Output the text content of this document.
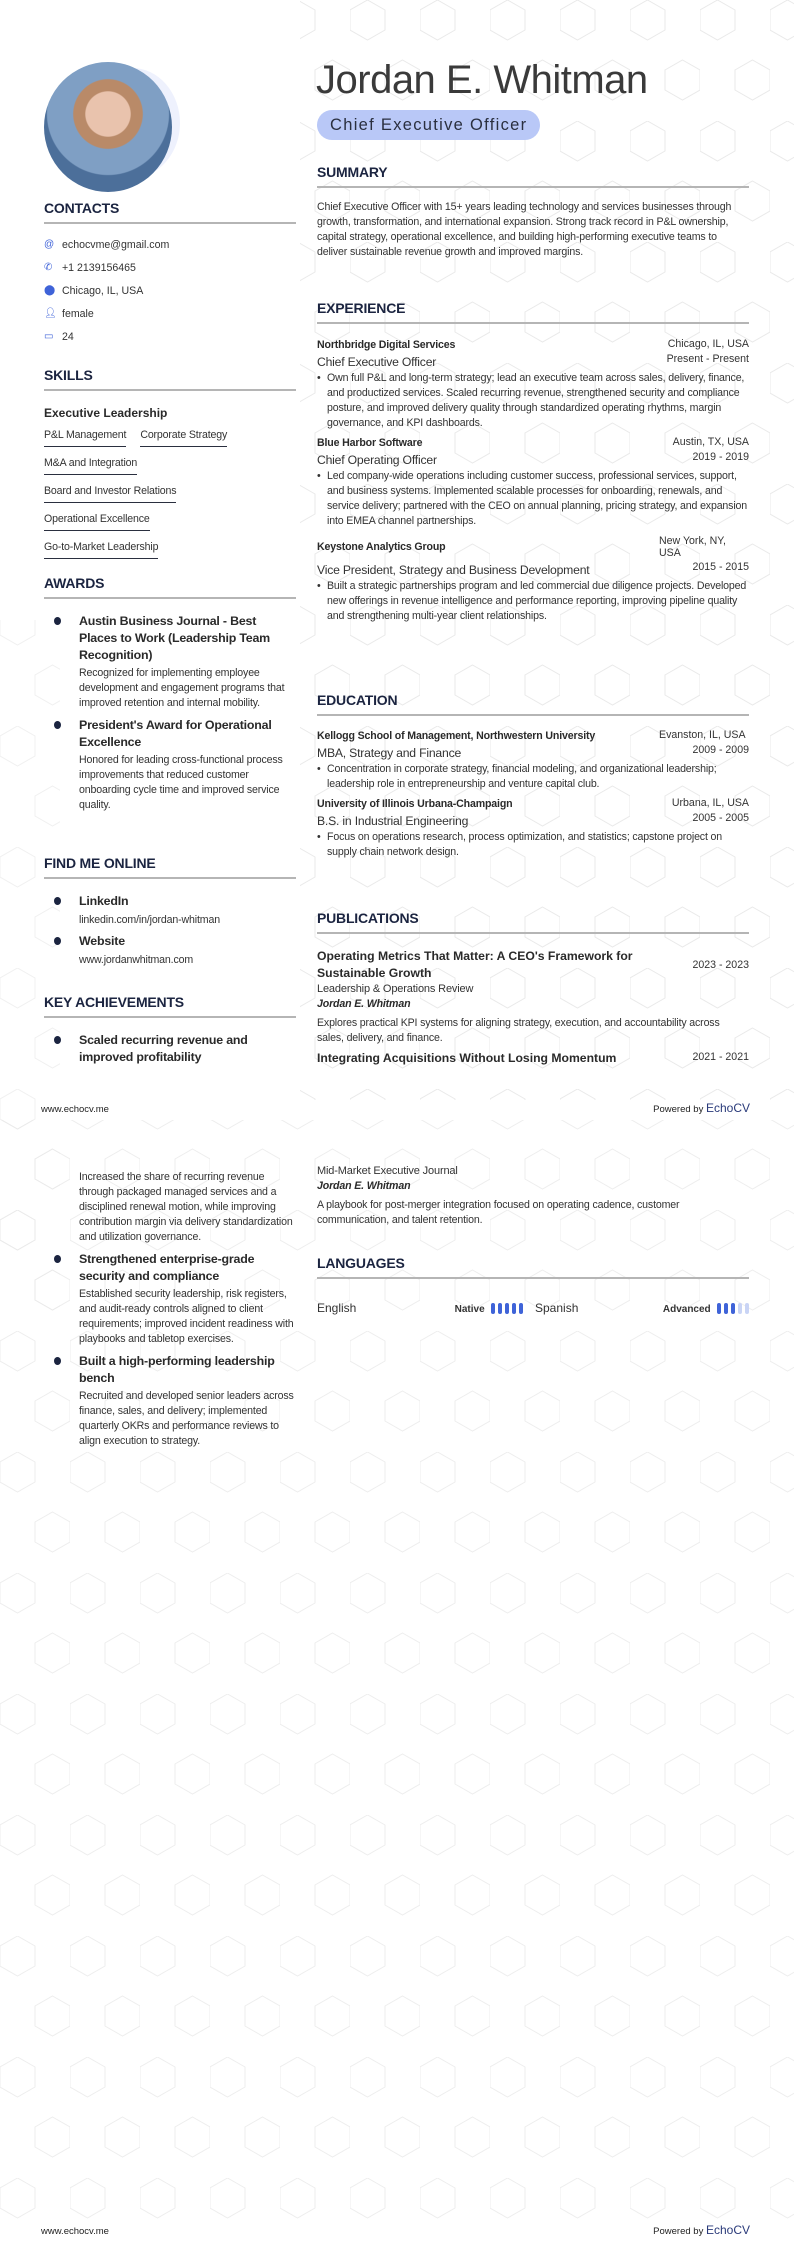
CONTACTS
@ echocvme@gmail.com
✆ +1 2139156465
⬤ Chicago, IL, USA
👤︎ female
▭ 24
SKILLS
Executive Leadership
P&L Management Corporate Strategy
M&A and Integration
Board and Investor Relations
Operational Excellence
Go-to-Market Leadership
AWARDS
Austin Business Journal - Best Places to Work (Leadership Team Recognition)
Recognized for implementing employee development and engagement programs that improved retention and internal mobility.
President's Award for Operational Excellence
Honored for leading cross-functional process improvements that reduced customer onboarding cycle time and improved service quality.
FIND ME ONLINE
LinkedIn
linkedin.com/in/jordan-whitman
Website
www.jordanwhitman.com
KEY ACHIEVEMENTS
Scaled recurring revenue and improved profitability
Jordan E. Whitman
Chief Executive Officer
SUMMARY
Chief Executive Officer with 15+ years leading technology and services businesses through growth, transformation, and international expansion. Strong track record in P&L ownership, capital strategy, operational excellence, and building high-performing executive teams to deliver sustainable revenue growth and improved margins.
EXPERIENCE
Northbridge Digital Services	Chicago, IL, USA
Chief Executive Officer	Present - Present
• Own full P&L and long-term strategy; lead an executive team across sales, delivery, finance, and productized services. Scaled recurring revenue, strengthened security and compliance posture, and improved delivery quality through standardized operating rhythms, margin governance, and KPI dashboards.
Blue Harbor Software	Austin, TX, USA
Chief Operating Officer	2019 - 2019
• Led company-wide operations including customer success, professional services, support, and business systems. Implemented scalable processes for onboarding, renewals, and service delivery; partnered with the CEO on annual planning, pricing strategy, and expansion into EMEA channel partnerships.
Keystone Analytics Group	New York, NY, USA
Vice President, Strategy and Business Development	2015 - 2015
• Built a strategic partnerships program and led commercial due diligence projects. Developed new offerings in revenue intelligence and performance reporting, improving pipeline quality and strengthening multi-year client relationships.
EDUCATION
Kellogg School of Management, Northwestern University	Evanston, IL, USA
MBA, Strategy and Finance	2009 - 2009
• Concentration in corporate strategy, financial modeling, and organizational leadership; leadership role in entrepreneurship and venture capital club.
University of Illinois Urbana-Champaign	Urbana, IL, USA
B.S. in Industrial Engineering	2005 - 2005
• Focus on operations research, process optimization, and statistics; capstone project on supply chain network design.
PUBLICATIONS
Operating Metrics That Matter: A CEO's Framework for Sustainable Growth
2023 - 2023
Leadership & Operations Review
Jordan E. Whitman
Explores practical KPI systems for aligning strategy, execution, and accountability across sales, delivery, and finance.
Integrating Acquisitions Without Losing Momentum	2021 - 2021
www.echocv.me	Powered by EchoCV
Increased the share of recurring revenue through packaged managed services and a disciplined renewal motion, while improving contribution margin via delivery standardization and utilization governance.
Strengthened enterprise-grade security and compliance
Established security leadership, risk registers, and audit-ready controls aligned to client requirements; improved incident readiness with playbooks and tabletop exercises.
Built a high-performing leadership bench
Recruited and developed senior leaders across finance, sales, and delivery; implemented quarterly OKRs and performance reviews to align execution to strategy.
Mid-Market Executive Journal
Jordan E. Whitman
A playbook for post-merger integration focused on operating cadence, customer communication, and talent retention.
LANGUAGES
English	Native	Spanish	Advanced
www.echocv.me	Powered by EchoCV
